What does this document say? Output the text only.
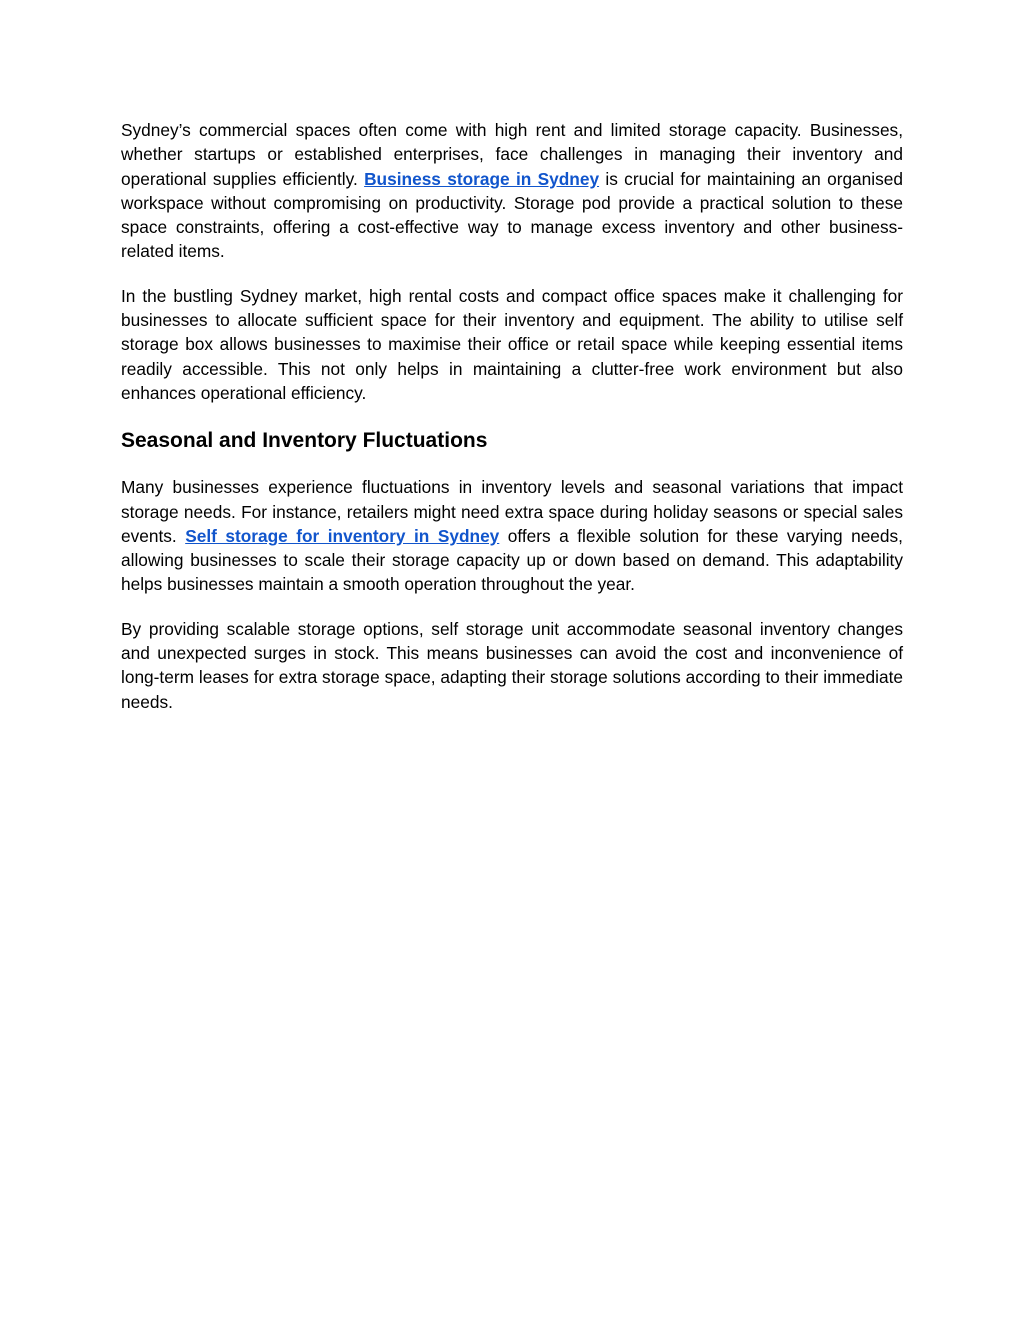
Sydney’s commercial spaces often come with high rent and limited storage capacity. Businesses, whether startups or established enterprises, face challenges in managing their inventory and operational supplies efficiently. Business storage in Sydney is crucial for maintaining an organised workspace without compromising on productivity. Storage pod provide a practical solution to these space constraints, offering a cost-effective way to manage excess inventory and other business-related items.

In the bustling Sydney market, high rental costs and compact office spaces make it challenging for businesses to allocate sufficient space for their inventory and equipment. The ability to utilise self storage box allows businesses to maximise their office or retail space while keeping essential items readily accessible. This not only helps in maintaining a clutter-free work environment but also enhances operational efficiency.

Seasonal and Inventory Fluctuations

Many businesses experience fluctuations in inventory levels and seasonal variations that impact storage needs. For instance, retailers might need extra space during holiday seasons or special sales events. Self storage for inventory in Sydney offers a flexible solution for these varying needs, allowing businesses to scale their storage capacity up or down based on demand. This adaptability helps businesses maintain a smooth operation throughout the year.

By providing scalable storage options, self storage unit accommodate seasonal inventory changes and unexpected surges in stock. This means businesses can avoid the cost and inconvenience of long-term leases for extra storage space, adapting their storage solutions according to their immediate needs.
